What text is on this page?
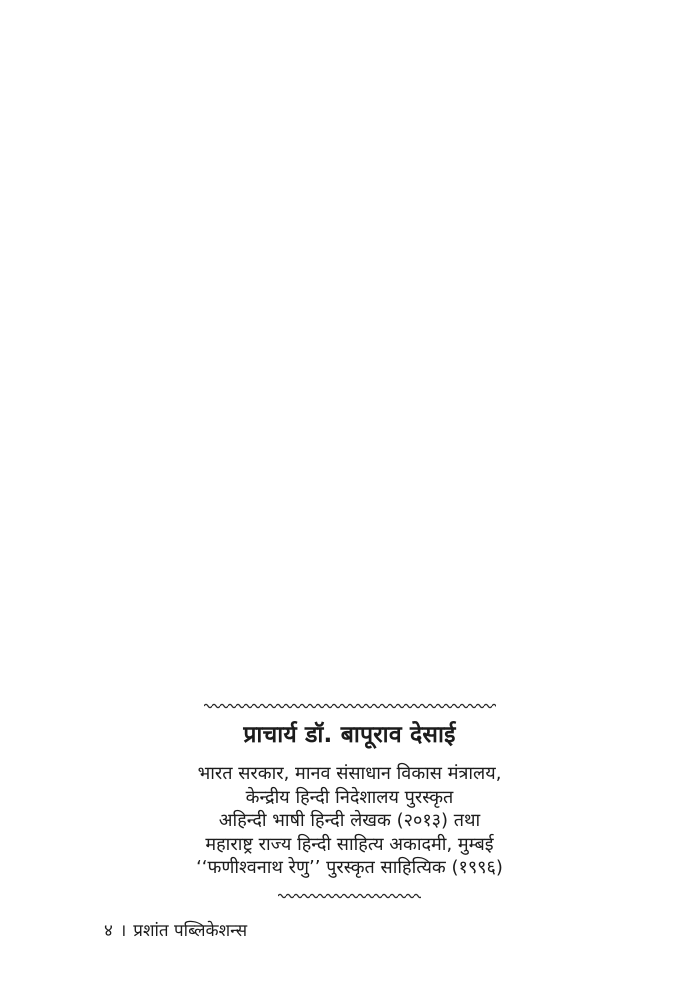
प्राचार्य डॉ. बापूराव देसाई

भारत सरकार, मानव संसाधान विकास मंत्रालय,

केन्द्रीय हिन्दी निदेशालय पुरस्कृत

अहिन्दी भाषी हिन्दी लेखक (२०१३) तथा

महाराष्ट्र राज्य हिन्दी साहित्य अकादमी, मुम्बई

‘‘फणीश्वनाथ रेणु’’ पुरस्कृत साहित्यिक (१९९६)

४ । प्रशांत पब्लिकेशन्स
